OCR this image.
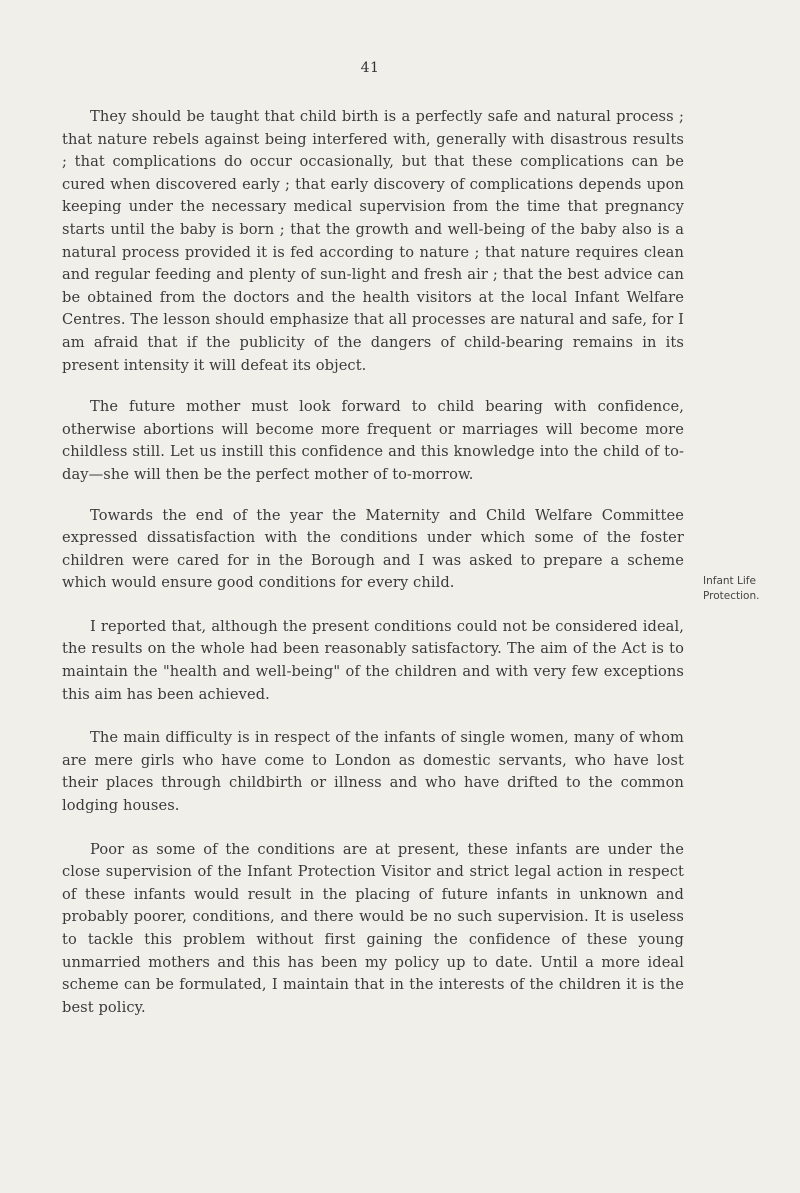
41

They should be taught that child birth is a perfectly safe and natural process ; that nature rebels against being interfered with, generally with disastrous results ; that complications do occur occasionally, but that these complications can be cured when discovered early ; that early discovery of complications depends upon keeping under the necessary medical supervision from the time that pregnancy starts until the baby is born ; that the growth and well-being of the baby also is a natural process provided it is fed according to nature ; that nature requires clean and regular feeding and plenty of sun-light and fresh air ; that the best advice can be obtained from the doctors and the health visitors at the local Infant Welfare Centres. The lesson should emphasize that all processes are natural and safe, for I am afraid that if the publicity of the dangers of child-bearing remains in its present intensity it will defeat its object.

The future mother must look forward to child bearing with confidence, otherwise abortions will become more frequent or marriages will become more childless still. Let us instill this confidence and this knowledge into the child of to-day—she will then be the perfect mother of to-morrow.

Towards the end of the year the Maternity and Child Welfare Committee expressed dissatisfaction with the conditions under which some of the foster children were cared for in the Borough and I was asked to prepare a scheme which would ensure good conditions for every child.

I reported that, although the present conditions could not be considered ideal, the results on the whole had been reasonably satisfactory. The aim of the Act is to maintain the "health and well-being" of the children and with very few exceptions this aim has been achieved.

The main difficulty is in respect of the infants of single women, many of whom are mere girls who have come to London as domestic servants, who have lost their places through childbirth or illness and who have drifted to the common lodging houses.

Poor as some of the conditions are at present, these infants are under the close supervision of the Infant Protection Visitor and strict legal action in respect of these infants would result in the placing of future infants in unknown and probably poorer, conditions, and there would be no such supervision. It is useless to tackle this problem without first gaining the confidence of these young unmarried mothers and this has been my policy up to date. Until a more ideal scheme can be formulated, I maintain that in the interests of the children it is the best policy.

Infant Life
Protection.
